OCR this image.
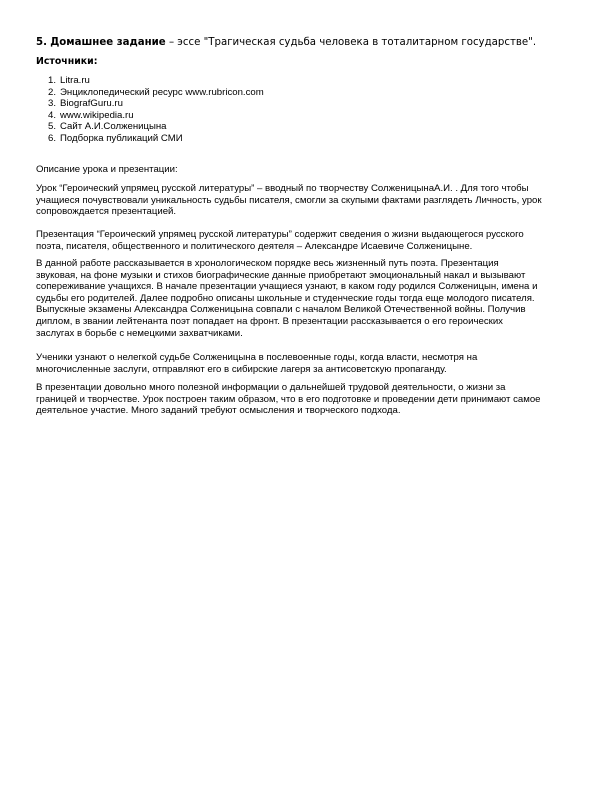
5. Домашнее задание – эссе "Трагическая судьба человека в тоталитарном государстве".
Источники:
1. Litra.ru
2. Энциклопедический ресурс www.rubricon.com
3. BiografGuru.ru
4. www.wikipedia.ru
5. Сайт А.И.Солженицына
6. Подборка публикаций СМИ
Описание урока и презентации:

Урок “Героический упрямец русской литературы” – вводный по творчеству СолженицынаА.И. . Для того чтобы
учащиеся почувствовали уникальность судьбы писателя, смогли за скупыми фактами разглядеть Личность, урок
сопровождается презентацией.

Презентация “Героический упрямец русской литературы” содержит сведения о жизни выдающегося русского
поэта, писателя, общественного и политического деятеля – Александре Исаевиче Солженицыне.

В данной работе рассказывается в хронологическом порядке весь жизненный путь поэта. Презентация
звуковая, на фоне музыки и стихов биографические данные приобретают эмоциональный накал и вызывают
сопереживание учащихся. В начале презентации учащиеся узнают, в каком году родился Солженицын, имена и
судьбы его родителей. Далее подробно описаны школьные и студенческие годы тогда еще молодого писателя.
Выпускные экзамены Александра Солженицына совпали с началом Великой Отечественной войны. Получив
диплом, в звании лейтенанта поэт попадает на фронт. В презентации рассказывается о его героических
заслугах в борьбе с немецкими захватчиками.

Ученики узнают о нелегкой судьбе Солженицына в послевоенные годы, когда власти, несмотря на
многочисленные заслуги, отправляют его в сибирские лагеря за антисоветскую пропаганду.

В презентации довольно много полезной информации о дальнейшей трудовой деятельности, о жизни за
границей и творчестве. Урок построен таким образом, что в его подготовке и проведении дети принимают самое
деятельное участие. Много заданий требуют осмысления и творческого подхода.
